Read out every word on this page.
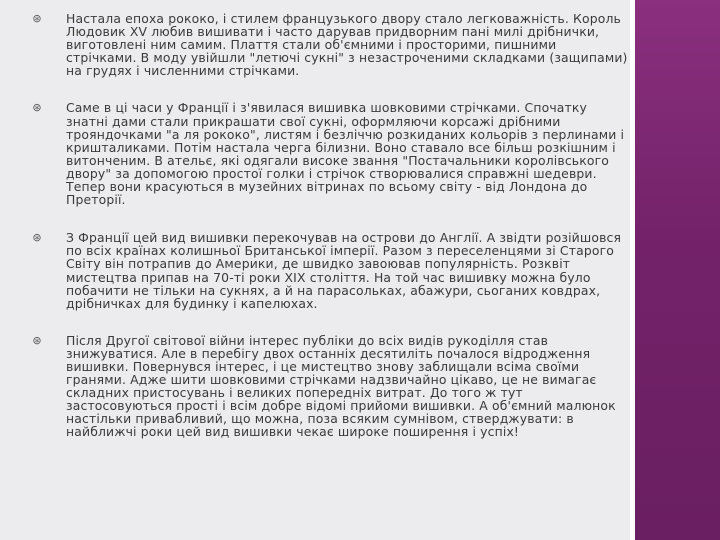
⊛ Настала епоха рококо, і стилем французького двору стало легковажність. Король Людовик XV любив вишивати і часто дарував придворним пані милі дрібнички, виготовлені ним самим. Плаття стали об'ємними і просторими, пишними стрічками. В моду увійшли "летючі сукні" з незастроченими складками (защипами) на грудях і численними стрічками.
⊛ Саме в ці часи у Франції і з'явилася вишивка шовковими стрічками. Спочатку знатні дами стали прикрашати свої сукні, оформляючи корсажі дрібними трояндочками "а ля рококо", листям і безліччю розкиданих кольорів з перлинами і кришталиками. Потім настала черга білизни. Воно ставало все більш розкішним і витонченим. В ательє, які одягали високе звання "Постачальники королівського двору" за допомогою простої голки і стрічок створювалися справжні шедеври. Тепер вони красуються в музейних вітринах по всьому світу - від Лондона до Преторії.
⊛ З Франції цей вид вишивки перекочував на острови до Англії. А звідти розійшовся по всіх країнах колишньої Британської імперії. Разом з переселенцями зі Старого Світу він потрапив до Америки, де швидко завоював популярність. Розквіт мистецтва припав на 70-ті роки XIX століття. На той час вишивку можна було побачити не тільки на сукнях, а й на парасольках, абажури, сьоганих ковдрах, дрібничках для будинку і капелюхах.
⊛ Після Другої світової війни інтерес публіки до всіх видів рукоділля став знижуватися. Але в перебігу двох останніх десятиліть почалося відродження вишивки. Повернувся інтерес, і це мистецтво знову заблищали всіма своїми гранями. Адже шити шовковими стрічками надзвичайно цікаво, це не вимагає складних пристосувань і великих попередніх витрат. До того ж тут застосовуються прості і всім добре відомі прийоми вишивки. А об'ємний малюнок настільки привабливий, що можна, поза всяким сумнівом, стверджувати: в найближчі роки цей вид вишивки чекає широке поширення і успіх!
